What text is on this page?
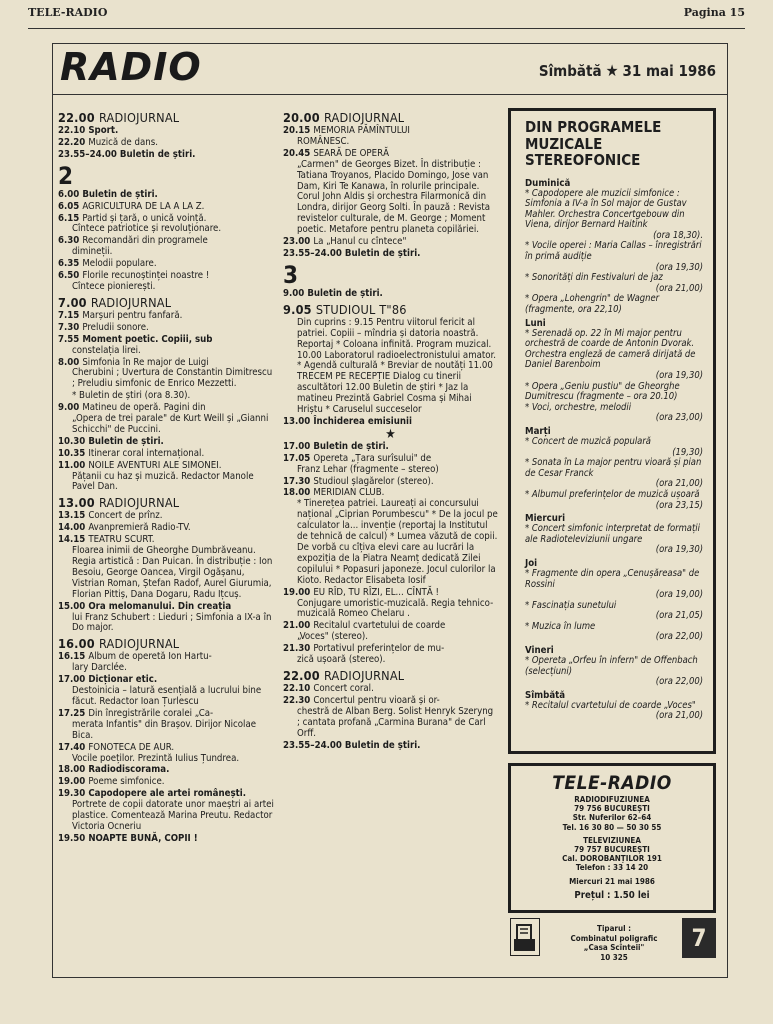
TELE-RADIO	Pagina 15
RADIO	Sîmbătă ★ 31 mai 1986
22.00 RADIOJURNAL
22.10 Sport.
22.20 Muzică de dans.
23.55–24.00 Buletin de știri.
2
6.00 Buletin de știri.
6.05 AGRICULTURA DE LA A LA Z.
6.15 Partid și țară, o unică voință.
Cîntece patriotice și revoluționare.
6.30 Recomandări din programele
dimineții.
6.35 Melodii populare.
6.50 Florile recunoștinței noastre !
Cîntece pionierești.
7.00 RADIOJURNAL
7.15 Marșuri pentru fanfară.
7.30 Preludii sonore.
7.55 Moment poetic. Copiii, sub
constelația lirei.
8.00 Simfonia în Re major de Luigi
Cherubini ; Uvertura de Constantin Dimitrescu ; Preludiu simfonic de Enrico Mezzetti.
* Buletin de știri (ora 8.30).
9.00 Matineu de operă. Pagini din
„Opera de trei parale" de Kurt Weill și „Gianni Schicchi" de Puccini.
10.30 Buletin de știri.
10.35 Itinerar coral internațional.
11.00 NOILE AVENTURI ALE SIMONEI.
Pățanii cu haz și muzică. Redactor Manole Pavel Dan.
13.00 RADIOJURNAL
13.15 Concert de prînz.
14.00 Avanpremieră Radio-TV.
14.15 TEATRU SCURT.
Floarea inimii de Gheorghe Dumbrăveanu. Regia artistică : Dan Puican. În distribuție : Ion Besoiu, George Oancea, Virgil Ogășanu, Vistrian Roman, Ștefan Radof, Aurel Giurumia, Florian Pittiș, Dana Dogaru, Radu Ițcuș.
15.00 Ora melomanului. Din creația
lui Franz Schubert : Lieduri ; Simfonia a IX-a în Do major.
16.00 RADIOJURNAL
16.15 Album de operetă Ion Hartu-
lary Darclée.
17.00 Dicționar etic.
Destoinicia – latură esențială a lucrului bine făcut. Redactor Ioan Țurlescu
17.25 Din înregistrările coralei „Ca-
merata Infantis" din Brașov. Dirijor Nicolae Bica.
17.40 FONOTECA DE AUR.
Vocile poeților. Prezintă Iulius Țundrea.
18.00 Radiodiscorama.
19.00 Poeme simfonice.
19.30 Capodopere ale artei românești.
Portrete de copii datorate unor maeștri ai artei plastice. Comentează Marina Preutu. Redactor Victoria Ocneriu
19.50 NOAPTE BUNĂ, COPII !
20.00 RADIOJURNAL
20.15 MEMORIA PĂMÎNTULUI
ROMÂNESC.
20.45 SEARĂ DE OPERĂ
„Carmen" de Georges Bizet. În distribuție : Tatiana Troyanos, Placido Domingo, Jose van Dam, Kiri Te Kanawa, în rolurile principale. Corul John Aldis și orchestra Filarmonică din Londra, dirijor Georg Solti. În pauză : Revista revistelor culturale, de M. George ; Moment poetic. Metafore pentru planeta copilăriei.
23.00 La „Hanul cu cîntece"
23.55–24.00 Buletin de știri.
3
9.00 Buletin de știri.
9.05 STUDIOUL T"86
Din cuprins : 9.15 Pentru viitorul fericit al patriei. Copiii – mîndria și datoria noastră. Reportaj * Coloana infinită. Program muzical. 10.00 Laboratorul radioelectronistului amator. * Agendă culturală * Breviar de noutăți 11.00 TRECEM PE RECEPȚIE Dialog cu tinerii ascultători 12.00 Buletin de știri * Jaz la matineu Prezintă Gabriel Cosma și Mihai Hriștu * Caruselul succeselor
13.00 Închiderea emisiunii
★
17.00 Buletin de știri.
17.05 Opereta „Țara surîsului" de
Franz Lehar (fragmente – stereo)
17.30 Studioul șlagărelor (stereo).
18.00 MERIDIAN CLUB.
* Tinerețea patriei. Laureați ai concursului național „Ciprian Porumbescu" * De la jocul pe calculator la... invenție (reportaj la Institutul de tehnică de calcul) * Lumea văzută de copii. De vorbă cu cîțiva elevi care au lucrări la expoziția de la Piatra Neamț dedicată Zilei copilului * Popasuri japoneze. Jocul culorilor la Kioto. Redactor Elisabeta Iosif
19.00 EU RÎD, TU RÎZI, EL... CÎNTĂ !
Conjugare umoristic-muzicală. Regia tehnico-muzicală Romeo Chelaru .
21.00 Recitalul cvartetului de coarde
„Voces" (stereo).
21.30 Portativul preferințelor de mu-
zică ușoară (stereo).
22.00 RADIOJURNAL
22.10 Concert coral.
22.30 Concertul pentru vioară și or-
chestră de Alban Berg. Solist Henryk Szeryng ; cantata profană „Carmina Burana" de Carl Orff.
23.55–24.00 Buletin de știri.
DIN PROGRAMELE MUZICALE STEREOFONICE
Duminică
* Capodopere ale muzicii simfonice : Simfonia a IV-a în Sol major de Gustav Mahler. Orchestra Concertgebouw din Viena, dirijor Bernard Haitink
(ora 18,30).
* Vocile operei : Maria Callas – înregistrări în primă audiție
(ora 19,30)
* Sonorități din Festivaluri de jaz
(ora 21,00)
* Opera „Lohengrin" de Wagner (fragmente, ora 22,10)
Luni
* Serenadă op. 22 în Mi major pentru orchestră de coarde de Antonin Dvorak. Orchestra engleză de cameră dirijată de Daniel Barenboim
(ora 19,30)
* Opera „Geniu pustiu" de Gheorghe Dumitrescu (fragmente – ora 20.10)
* Voci, orchestre, melodii
(ora 23,00)
Marți
* Concert de muzică populară
(19,30)
* Sonata în La major pentru vioară și pian de Cesar Franck
(ora 21,00)
* Albumul preferințelor de muzică ușoară
(ora 23,15)
Miercuri
* Concert simfonic interpretat de formații ale Radioteleviziunii ungare
(ora 19,30)
Joi
* Fragmente din opera „Cenușăreasa" de Rossini
(ora 19,00)
* Fascinația sunetului
(ora 21,05)
* Muzica în lume
(ora 22,00)
Vineri
* Opereta „Orfeu în infern" de Offenbach (selecțiuni)
(ora 22,00)
Sîmbătă
* Recitalul cvartetului de coarde „Voces"
(ora 21,00)
TELE-RADIO
RADIODIFUZIUNEA
79 756 BUCUREȘTI
Str. Nuferilor 62–64
Tel. 16 30 80 — 50 30 55
TELEVIZIUNEA
79 757 BUCUREȘTI
Cal. DOROBANȚILOR 191
Telefon : 33 14 20
Miercuri 21 mai 1986
Prețul : 1.50 lei
Tiparul :
Combinatul poligrafic
„Casa Scînteii"
10 325
7
